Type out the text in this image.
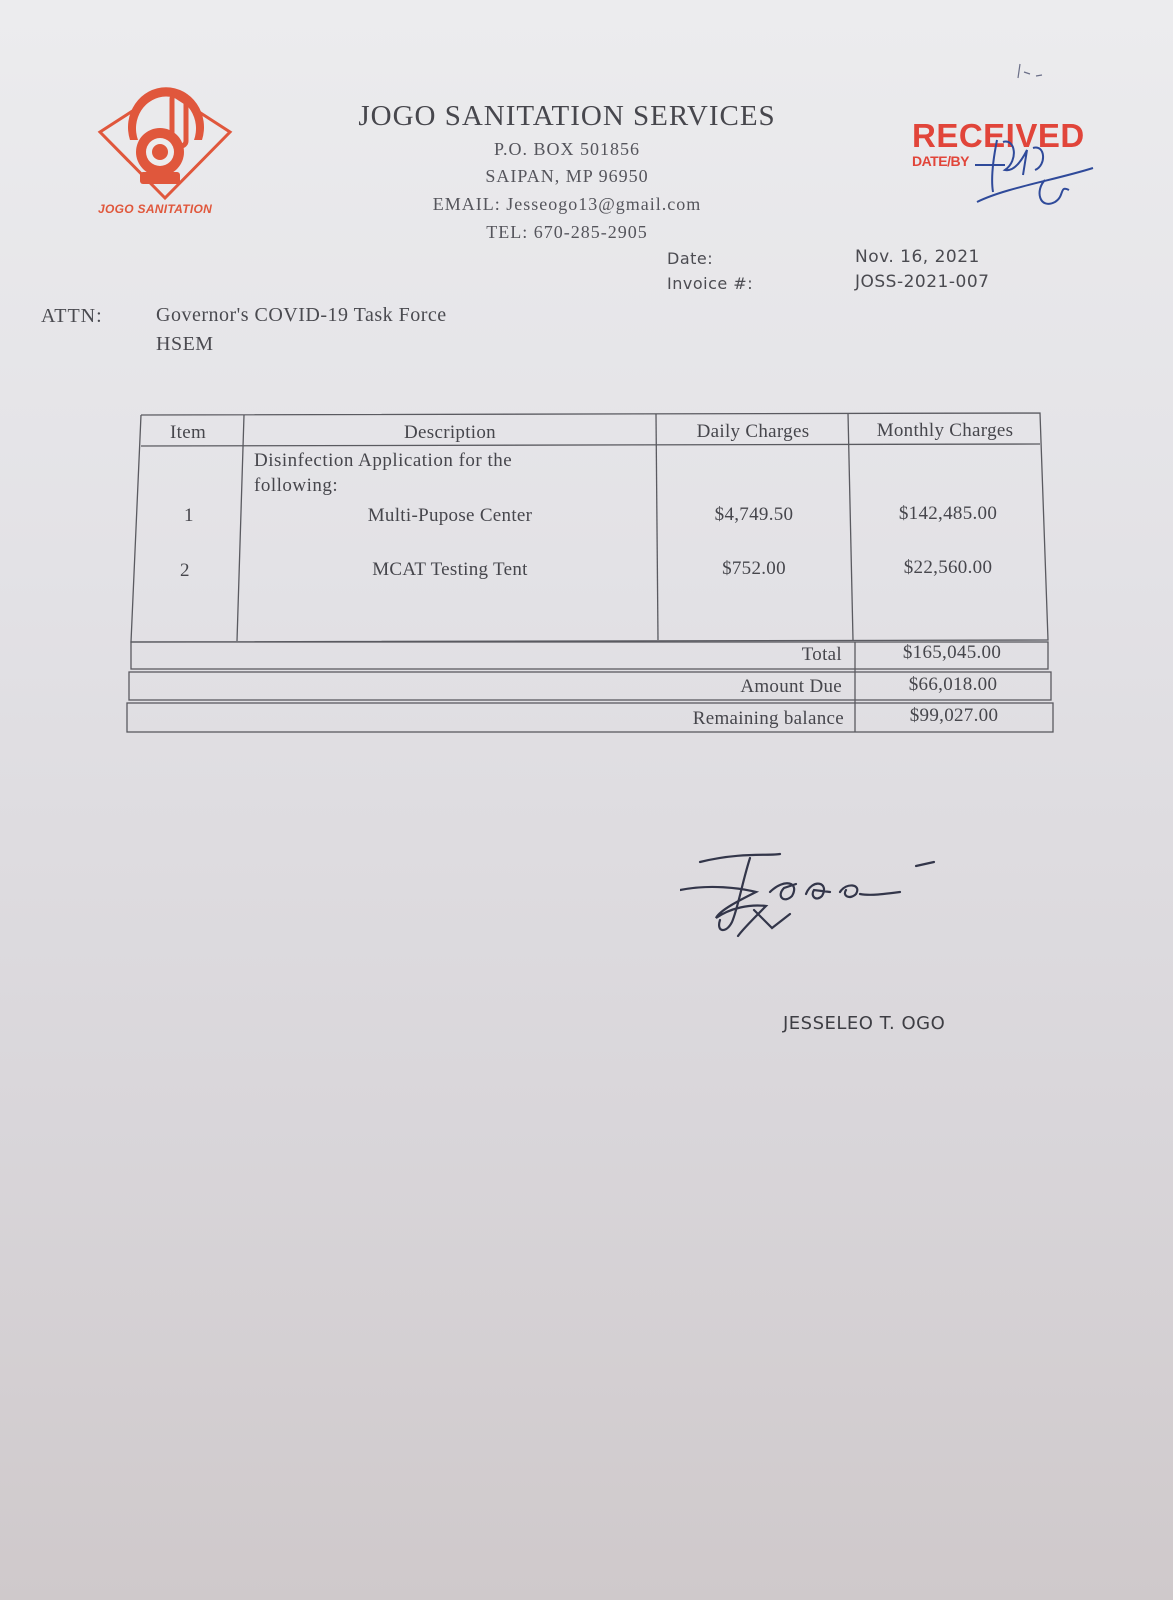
JOGO SANITATION
JOGO SANITATION SERVICES
P.O. BOX 501856
SAIPAN, MP 96950
EMAIL: Jesseogo13@gmail.com
TEL: 670-285-2905
RECEIVED
DATE/BY
Date:	Nov. 16, 2021
Invoice #:	JOSS-2021-007
ATTN:	Governor's COVID-19 Task Force
HSEM
Item	Description	Daily Charges	Monthly Charges
Disinfection Application for the
following:
1	Multi-Pupose Center	$4,749.50	$142,485.00
2	MCAT Testing Tent	$752.00	$22,560.00
Total	$165,045.00
Amount Due	$66,018.00
Remaining balance	$99,027.00
JESSELEO T. OGO
